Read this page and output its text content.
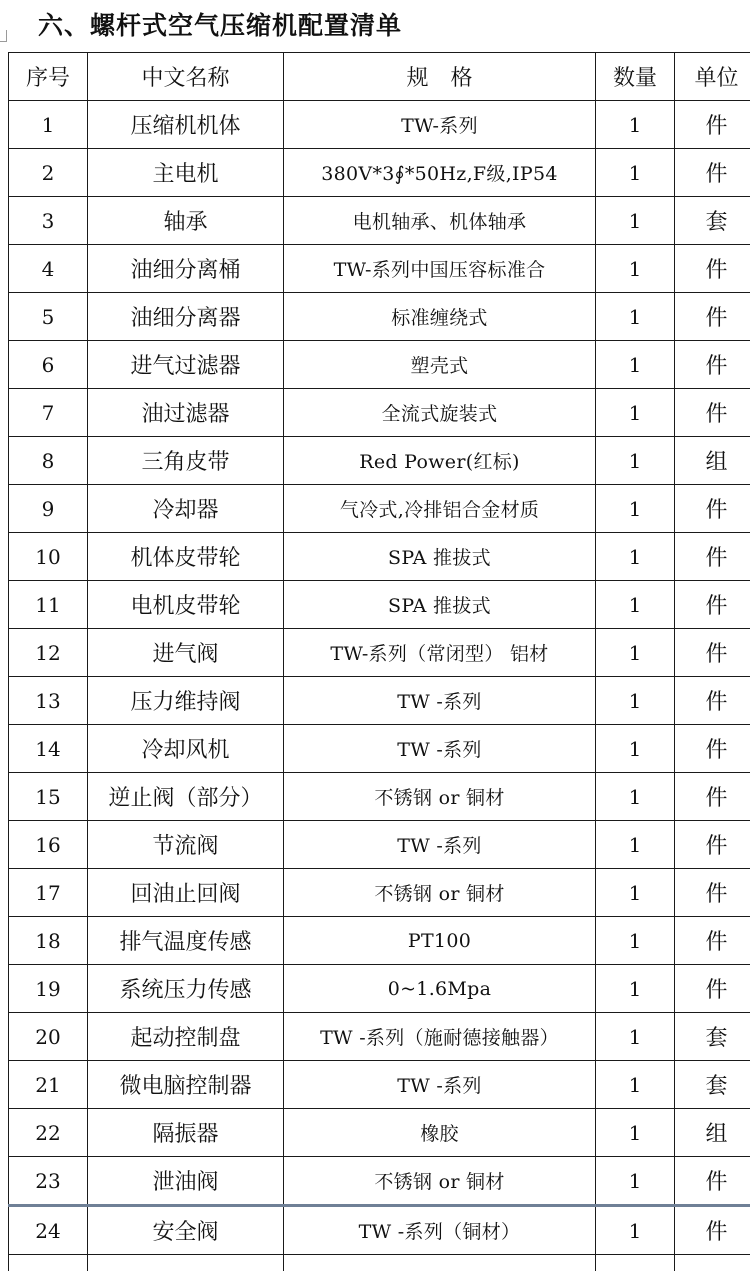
六、螺杆式空气压缩机配置清单
序号	中文名称	规　格	数量	单位
1	压缩机机体	TW-系列	1	件
2	主电机	380V*3∮*50Hz,F级,IP54	1	件
3	轴承	电机轴承、机体轴承	1	套
4	油细分离桶	TW-系列中国压容标准合	1	件
5	油细分离器	标准缠绕式	1	件
6	进气过滤器	塑壳式	1	件
7	油过滤器	全流式旋装式	1	件
8	三角皮带	Red Power(红标)	1	组
9	冷却器	气冷式,冷排铝合金材质	1	件
10	机体皮带轮	SPA 推拔式	1	件
11	电机皮带轮	SPA 推拔式	1	件
12	进气阀	TW-系列（常闭型） 铝材	1	件
13	压力维持阀	TW -系列	1	件
14	冷却风机	TW -系列	1	件
15	逆止阀（部分）	不锈钢 or 铜材	1	件
16	节流阀	TW -系列	1	件
17	回油止回阀	不锈钢 or 铜材	1	件
18	排气温度传感	PT100	1	件
19	系统压力传感	0~1.6Mpa	1	件
20	起动控制盘	TW -系列（施耐德接触器）	1	套
21	微电脑控制器	TW -系列	1	套
22	隔振器	橡胶	1	组
23	泄油阀	不锈钢 or 铜材	1	件
24	安全阀	TW -系列（铜材）	1	件
